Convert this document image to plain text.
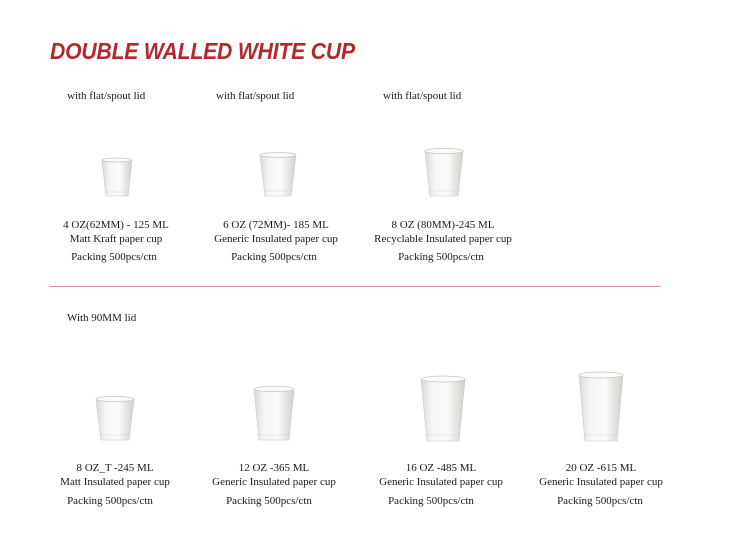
DOUBLE WALLED WHITE CUP
with flat/spout lid	with flat/spout lid	with flat/spout lid
4 OZ(62MM) - 125 ML
Matt Kraft paper cup
Packing 500pcs/ctn
6 OZ (72MM)- 185 ML
Generic Insulated paper cup
Packing 500pcs/ctn
8 OZ (80MM)-245 ML
Recyclable Insulated paper cup
Packing 500pcs/ctn
With 90MM lid
8 OZ_T -245 ML
Matt Insulated paper cup
Packing 500pcs/ctn
12 OZ -365 ML
Generic Insulated paper cup
Packing 500pcs/ctn
16 OZ -485 ML
Generic Insulated paper cup
Packing 500pcs/ctn
20 OZ -615 ML
Generic Insulated paper cup
Packing 500pcs/ctn
